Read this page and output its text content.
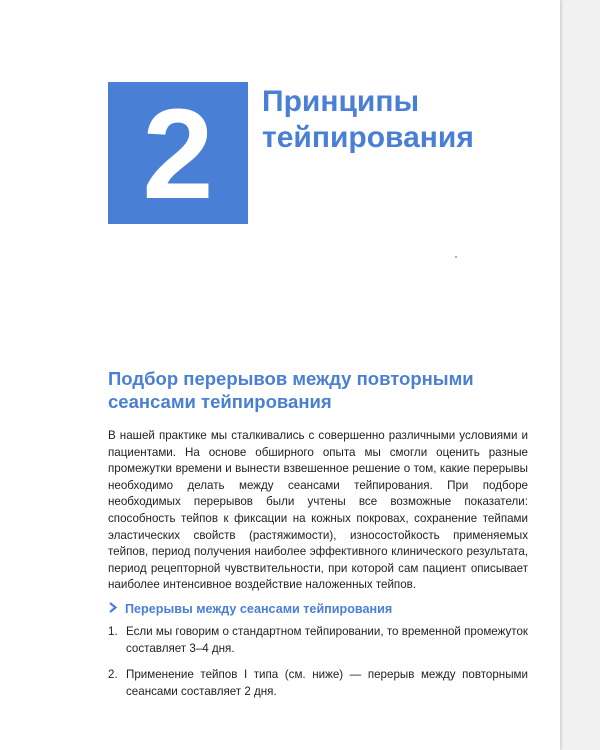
2 Принципы
тейпирования
Подбор перерывов между повторными
сеансами тейпирования

В нашей практике мы сталкивались с совершенно различными условиями и пациентами. На основе обширного опыта мы смогли оценить разные промежутки времени и вынести взвешенное решение о том, какие перерывы необходимо делать между сеансами тейпирования. При подборе необходимых перерывов были учтены все возможные показатели: способность тейпов к фиксации на кожных покровах, сохранение тейпами эластических свойств (растяжимости), износостойкость применяемых тейпов, период получения наиболее эффективного клинического результата, период рецепторной чувствительности, при которой сам пациент описывает наиболее интенсивное воздействие наложенных тейпов.

Перерывы между сеансами тейпирования
1. Если мы говорим о стандартном тейпировании, то временной промежуток составляет 3–4 дня.
2. Применение тейпов I типа (см. ниже) — перерыв между повторными сеансами составляет 2 дня.
